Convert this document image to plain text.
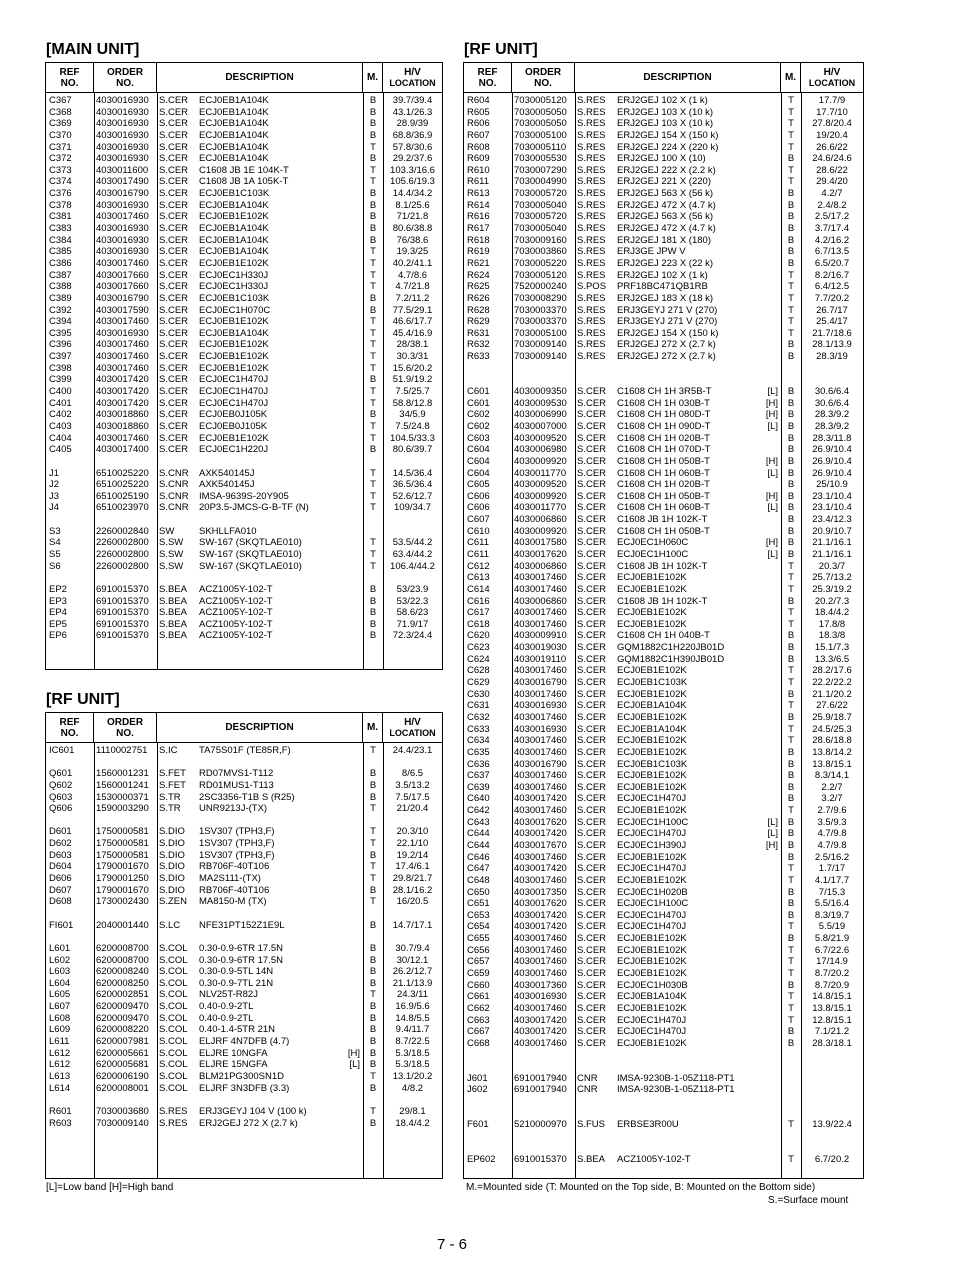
[MAIN UNIT]
REF
NO.
ORDER
NO.	DESCRIPTION	M.	H/V
LOCATION
C367	4030016930	S.CER	ECJ0EB1A104K	B	39.7/39.4
C368	4030016930	S.CER	ECJ0EB1A104K	B	43.1/26.3
C369	4030016930	S.CER	ECJ0EB1A104K	B	28.9/39
C370	4030016930	S.CER	ECJ0EB1A104K	B	68.8/36.9
C371	4030016930	S.CER	ECJ0EB1A104K	T	57.8/30.6
C372	4030016930	S.CER	ECJ0EB1A104K	B	29.2/37.6
C373	4030011600	S.CER	C1608 JB 1E 104K-T	T	103.3/16.6
C374	4030017490	S.CER	C1608 JB 1A 105K-T	T	105.6/19.3
C376	4030016790	S.CER	ECJ0EB1C103K	B	14.4/34.2
C378	4030016930	S.CER	ECJ0EB1A104K	B	8.1/25.6
C381	4030017460	S.CER	ECJ0EB1E102K	B	71/21.8
C383	4030016930	S.CER	ECJ0EB1A104K	B	80.6/38.8
C384	4030016930	S.CER	ECJ0EB1A104K	B	76/38.6
C385	4030016930	S.CER	ECJ0EB1A104K	T	19.3/25
C386	4030017460	S.CER	ECJ0EB1E102K	T	40.2/41.1
C387	4030017660	S.CER	ECJ0EC1H330J	T	4.7/8.6
C388	4030017660	S.CER	ECJ0EC1H330J	T	4.7/21.8
C389	4030016790	S.CER	ECJ0EB1C103K	B	7.2/11.2
C392	4030017590	S.CER	ECJ0EC1H070C	B	77.5/29.1
C394	4030017460	S.CER	ECJ0EB1E102K	T	46.6/17.7
C395	4030016930	S.CER	ECJ0EB1A104K	T	45.4/16.9
C396	4030017460	S.CER	ECJ0EB1E102K	T	28/38.1
C397	4030017460	S.CER	ECJ0EB1E102K	T	30.3/31
C398	4030017460	S.CER	ECJ0EB1E102K	T	15.6/20.2
C399	4030017420	S.CER	ECJ0EC1H470J	B	51.9/19.2
C400	4030017420	S.CER	ECJ0EC1H470J	T	7.5/25.7
C401	4030017420	S.CER	ECJ0EC1H470J	T	58.8/12.8
C402	4030018860	S.CER	ECJ0EB0J105K	B	34/5.9
C403	4030018860	S.CER	ECJ0EB0J105K	T	7.5/24.8
C404	4030017460	S.CER	ECJ0EB1E102K	T	104.5/33.3
C405	4030017400	S.CER	ECJ0EC1H220J	B	80.6/39.7
J1	6510025220	S.CNR	AXK540145J	T	14.5/36.4
J2	6510025220	S.CNR	AXK540145J	T	36.5/36.4
J3	6510025190	S.CNR	IMSA-9639S-20Y905	T	52.6/12.7
J4	6510023970	S.CNR	20P3.5-JMCS-G-B-TF (N)	T	109/34.7
S3	2260002840	SW	SKHLLFA010
S4	2260002800	S.SW	SW-167 (SKQTLAE010)	T	53.5/44.2
S5	2260002800	S.SW	SW-167 (SKQTLAE010)	T	63.4/44.2
S6	2260002800	S.SW	SW-167 (SKQTLAE010)	T	106.4/44.2
EP2	6910015370	S.BEA	ACZ1005Y-102-T	B	53/23.9
EP3	6910015370	S.BEA	ACZ1005Y-102-T	B	53/22.3
EP4	6910015370	S.BEA	ACZ1005Y-102-T	B	58.6/23
EP5	6910015370	S.BEA	ACZ1005Y-102-T	B	71.9/17
EP6	6910015370	S.BEA	ACZ1005Y-102-T	B	72.3/24.4
[RF UNIT]
REF
NO.
ORDER
NO.	DESCRIPTION	M.	H/V
LOCATION
IC601	1110002751	S.IC	TA75S01F (TE85R,F)	T	24.4/23.1
Q601	1560001231	S.FET	RD07MVS1-T112	B	8/6.5
Q602	1560001241	S.FET	RD01MUS1-T113	B	3.5/13.2
Q603	1530000371	S.TR	2SC3356-T1B S (R25)	B	7.5/17.5
Q606	1590003290	S.TR	UNR9213J-(TX)	T	21/20.4
D601	1750000581	S.DIO	1SV307 (TPH3,F)	T	20.3/10
D602	1750000581	S.DIO	1SV307 (TPH3,F)	T	22.1/10
D603	1750000581	S.DIO	1SV307 (TPH3,F)	B	19.2/14
D604	1790001670	S.DIO	RB706F-40T106	T	17.4/6.1
D606	1790001250	S.DIO	MA2S111-(TX)	T	29.8/21.7
D607	1790001670	S.DIO	RB706F-40T106	B	28.1/16.2
D608	1730002430	S.ZEN	MA8150-M (TX)	T	16/20.5
FI601	2040001440	S.LC	NFE31PT152Z1E9L	B	14.7/17.1
L601	6200008700	S.COL	0.30-0.9-6TR 17.5N	B	30.7/9.4
L602	6200008700	S.COL	0.30-0.9-6TR 17.5N	B	30/12.1
L603	6200008240	S.COL	0.30-0.9-5TL 14N	B	26.2/12.7
L604	6200008250	S.COL	0.30-0.9-7TL 21N	B	21.1/13.9
L605	6200002851	S.COL	NLV25T-R82J	T	24.3/11
L607	6200009470	S.COL	0.40-0.9-2TL	B	16.9/5.6
L608	6200009470	S.COL	0.40-0.9-2TL	B	14.8/5.5
L609	6200008220	S.COL	0.40-1.4-5TR 21N	B	9.4/11.7
L611	6200007981	S.COL	ELJRF 4N7DFB (4.7)	B	8.7/22.5
L612	6200005661	S.COL	ELJRE 10NGFA	[H]	B	5.3/18.5
L612	6200005681	S.COL	ELJRE 15NGFA	[L]	B	5.3/18.5
L613	6200006190	S.COL	BLM21PG300SN1D	T	13.1/20.2
L614	6200008001	S.COL	ELJRF 3N3DFB (3.3)	B	4/8.2
R601	7030003680	S.RES	ERJ3GEYJ 104 V (100 k)	T	29/8.1
R603	7030009140	S.RES	ERJ2GEJ 272 X (2.7 k)	B	18.4/4.2
[RF UNIT]
REF
NO.
ORDER
NO.	DESCRIPTION	M.	H/V
LOCATION
R604	7030005120	S.RES	ERJ2GEJ 102 X (1 k)	T	17.7/9
R605	7030005050	S.RES	ERJ2GEJ 103 X (10 k)	T	17.7/10
R606	7030005050	S.RES	ERJ2GEJ 103 X (10 k)	T	27.8/20.4
R607	7030005100	S.RES	ERJ2GEJ 154 X (150 k)	T	19/20.4
R608	7030005110	S.RES	ERJ2GEJ 224 X (220 k)	T	26.6/22
R609	7030005530	S.RES	ERJ2GEJ 100 X (10)	B	24.6/24.6
R610	7030007290	S.RES	ERJ2GEJ 222 X (2.2 k)	T	28.6/22
R611	7030004990	S.RES	ERJ2GEJ 221 X (220)	T	29.4/20
R613	7030005720	S.RES	ERJ2GEJ 563 X (56 k)	B	4.2/7
R614	7030005040	S.RES	ERJ2GEJ 472 X (4.7 k)	B	2.4/8.2
R616	7030005720	S.RES	ERJ2GEJ 563 X (56 k)	B	2.5/17.2
R617	7030005040	S.RES	ERJ2GEJ 472 X (4.7 k)	B	3.7/17.4
R618	7030009160	S.RES	ERJ2GEJ 181 X (180)	B	4.2/16.2
R619	7030003860	S.RES	ERJ3GE JPW V	B	6.7/13.5
R621	7030005220	S.RES	ERJ2GEJ 223 X (22 k)	B	6.5/20.7
R624	7030005120	S.RES	ERJ2GEJ 102 X (1 k)	T	8.2/16.7
R625	7520000240	S.POS	PRF18BC471QB1RB	T	6.4/12.5
R626	7030008290	S.RES	ERJ2GEJ 183 X (18 k)	T	7.7/20.2
R628	7030003370	S.RES	ERJ3GEYJ 271 V (270)	T	26.7/17
R629	7030003370	S.RES	ERJ3GEYJ 271 V (270)	T	25.4/17
R631	7030005100	S.RES	ERJ2GEJ 154 X (150 k)	T	21.7/18.6
R632	7030009140	S.RES	ERJ2GEJ 272 X (2.7 k)	B	28.1/13.9
R633	7030009140	S.RES	ERJ2GEJ 272 X (2.7 k)	B	28.3/19
C601	4030009350	S.CER	C1608 CH 1H 3R5B-T	[L]	B	30.6/6.4
C601	4030009530	S.CER	C1608 CH 1H 030B-T	[H]	B	30.6/6.4
C602	4030006990	S.CER	C1608 CH 1H 080D-T	[H]	B	28.3/9.2
C602	4030007000	S.CER	C1608 CH 1H 090D-T	[L]	B	28.3/9.2
C603	4030009520	S.CER	C1608 CH 1H 020B-T	B	28.3/11.8
C604	4030006980	S.CER	C1608 CH 1H 070D-T	B	26.9/10.4
C604	4030009920	S.CER	C1608 CH 1H 050B-T	[H]	B	26.9/10.4
C604	4030011770	S.CER	C1608 CH 1H 060B-T	[L]	B	26.9/10.4
C605	4030009520	S.CER	C1608 CH 1H 020B-T	B	25/10.9
C606	4030009920	S.CER	C1608 CH 1H 050B-T	[H]	B	23.1/10.4
C606	4030011770	S.CER	C1608 CH 1H 060B-T	[L]	B	23.1/10.4
C607	4030006860	S.CER	C1608 JB 1H 102K-T	B	23.4/12.3
C610	4030009920	S.CER	C1608 CH 1H 050B-T	B	20.9/10.7
C611	4030017580	S.CER	ECJ0EC1H060C	[H]	B	21.1/16.1
C611	4030017620	S.CER	ECJ0EC1H100C	[L]	B	21.1/16.1
C612	4030006860	S.CER	C1608 JB 1H 102K-T	T	20.3/7
C613	4030017460	S.CER	ECJ0EB1E102K	T	25.7/13.2
C614	4030017460	S.CER	ECJ0EB1E102K	T	25.3/19.2
C616	4030006860	S.CER	C1608 JB 1H 102K-T	B	20.2/7.3
C617	4030017460	S.CER	ECJ0EB1E102K	T	18.4/4.2
C618	4030017460	S.CER	ECJ0EB1E102K	T	17.8/8
C620	4030009910	S.CER	C1608 CH 1H 040B-T	B	18.3/8
C623	4030019030	S.CER	GQM1882C1H220JB01D	B	15.1/7.3
C624	4030019110	S.CER	GQM1882C1H390JB01D	B	13.3/6.5
C628	4030017460	S.CER	ECJ0EB1E102K	T	28.2/17.6
C629	4030016790	S.CER	ECJ0EB1C103K	T	22.2/22.2
C630	4030017460	S.CER	ECJ0EB1E102K	B	21.1/20.2
C631	4030016930	S.CER	ECJ0EB1A104K	T	27.6/22
C632	4030017460	S.CER	ECJ0EB1E102K	B	25.9/18.7
C633	4030016930	S.CER	ECJ0EB1A104K	T	24.5/25.3
C634	4030017460	S.CER	ECJ0EB1E102K	T	28.6/18.8
C635	4030017460	S.CER	ECJ0EB1E102K	B	13.8/14.2
C636	4030016790	S.CER	ECJ0EB1C103K	B	13.8/15.1
C637	4030017460	S.CER	ECJ0EB1E102K	B	8.3/14.1
C639	4030017460	S.CER	ECJ0EB1E102K	B	2.2/7
C640	4030017420	S.CER	ECJ0EC1H470J	B	3.2/7
C642	4030017460	S.CER	ECJ0EB1E102K	T	2.7/9.6
C643	4030017620	S.CER	ECJ0EC1H100C	[L]	B	3.5/9.3
C644	4030017420	S.CER	ECJ0EC1H470J	[L]	B	4.7/9.8
C644	4030017670	S.CER	ECJ0EC1H390J	[H]	B	4.7/9.8
C646	4030017460	S.CER	ECJ0EB1E102K	B	2.5/16.2
C647	4030017420	S.CER	ECJ0EC1H470J	T	1.7/17
C648	4030017460	S.CER	ECJ0EB1E102K	T	4.1/17.7
C650	4030017350	S.CER	ECJ0EC1H020B	B	7/15.3
C651	4030017620	S.CER	ECJ0EC1H100C	B	5.5/16.4
C653	4030017420	S.CER	ECJ0EC1H470J	B	8.3/19.7
C654	4030017420	S.CER	ECJ0EC1H470J	T	5.5/19
C655	4030017460	S.CER	ECJ0EB1E102K	B	5.8/21.9
C656	4030017460	S.CER	ECJ0EB1E102K	T	6.7/22.6
C657	4030017460	S.CER	ECJ0EB1E102K	T	17/14.9
C659	4030017460	S.CER	ECJ0EB1E102K	T	8.7/20.2
C660	4030017360	S.CER	ECJ0EC1H030B	B	8.7/20.9
C661	4030016930	S.CER	ECJ0EB1A104K	T	14.8/15.1
C662	4030017460	S.CER	ECJ0EB1E102K	T	13.8/15.1
C663	4030017420	S.CER	ECJ0EC1H470J	T	12.8/15.1
C667	4030017420	S.CER	ECJ0EC1H470J	B	7.1/21.2
C668	4030017460	S.CER	ECJ0EB1E102K	B	28.3/18.1
J601	6910017940	CNR	IMSA-9230B-1-05Z118-PT1
J602	6910017940	CNR	IMSA-9230B-1-05Z118-PT1
F601	5210000970	S.FUS	ERBSE3R00U	T	13.9/22.4
EP602	6910015370	S.BEA	ACZ1005Y-102-T	T	6.7/20.2
[L]=Low band [H]=High band	M.=Mounted side (T: Mounted on the Top side, B: Mounted on the Bottom side)
S.=Surface mount
7 - 6
